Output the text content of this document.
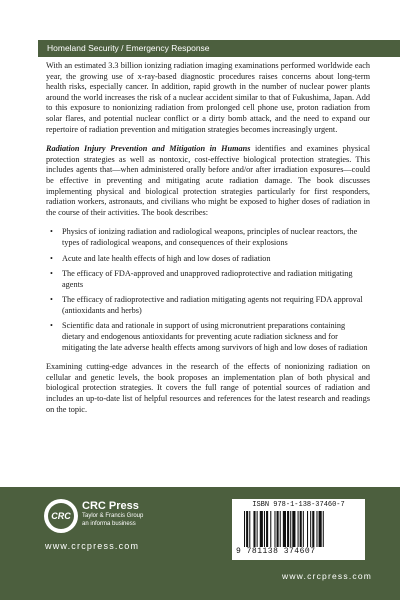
Homeland Security / Emergency Response

With an estimated 3.3 billion ionizing radiation imaging examinations performed worldwide each year, the growing use of x-ray-based diagnostic procedures raises concerns about long-term health risks, especially cancer. In addition, rapid growth in the number of nuclear power plants around the world increases the risk of a nuclear accident similar to that of Fukushima, Japan. Add to this exposure to nonionizing radiation from prolonged cell phone use, proton radiation from solar flares, and potential nuclear conflict or a dirty bomb attack, and the need to expand our repertoire of radiation prevention and mitigation strategies becomes increasingly urgent.

Radiation Injury Prevention and Mitigation in Humans identifies and examines physical protection strategies as well as nontoxic, cost-effective biological protection strategies. This includes agents that—when administered orally before and/or after irradiation exposures—could be effective in preventing and mitigating acute radiation damage. The book discusses implementing physical and biological protection strategies particularly for first responders, radiation workers, astronauts, and civilians who might be exposed to higher doses of radiation in the course of their activities. The book describes:

• Physics of ionizing radiation and radiological weapons, principles of nuclear reactors, the types of radiological weapons, and consequences of their explosions
• Acute and late health effects of high and low doses of radiation
• The efficacy of FDA-approved and unapproved radioprotective and radiation mitigating agents
• The efficacy of radioprotective and radiation mitigating agents not requiring FDA approval (antioxidants and herbs)
• Scientific data and rationale in support of using micronutrient preparations containing dietary and endogenous antioxidants for preventing acute radiation sickness and for mitigating the late adverse health effects among survivors of high and low doses of radiation

Examining cutting-edge advances in the research of the effects of nonionizing radiation on cellular and genetic levels, the book proposes an implementation plan of both physical and biological protection strategies. It covers the full range of potential sources of radiation and includes an up-to-date list of helpful resources and references for the latest research and readings on the topic.

CRC
CRC Press
Taylor & Francis Group
an informa business
www.crcpress.com
ISBN 978-1-138-37460-7
9 781138 374607
www.crcpress.com
